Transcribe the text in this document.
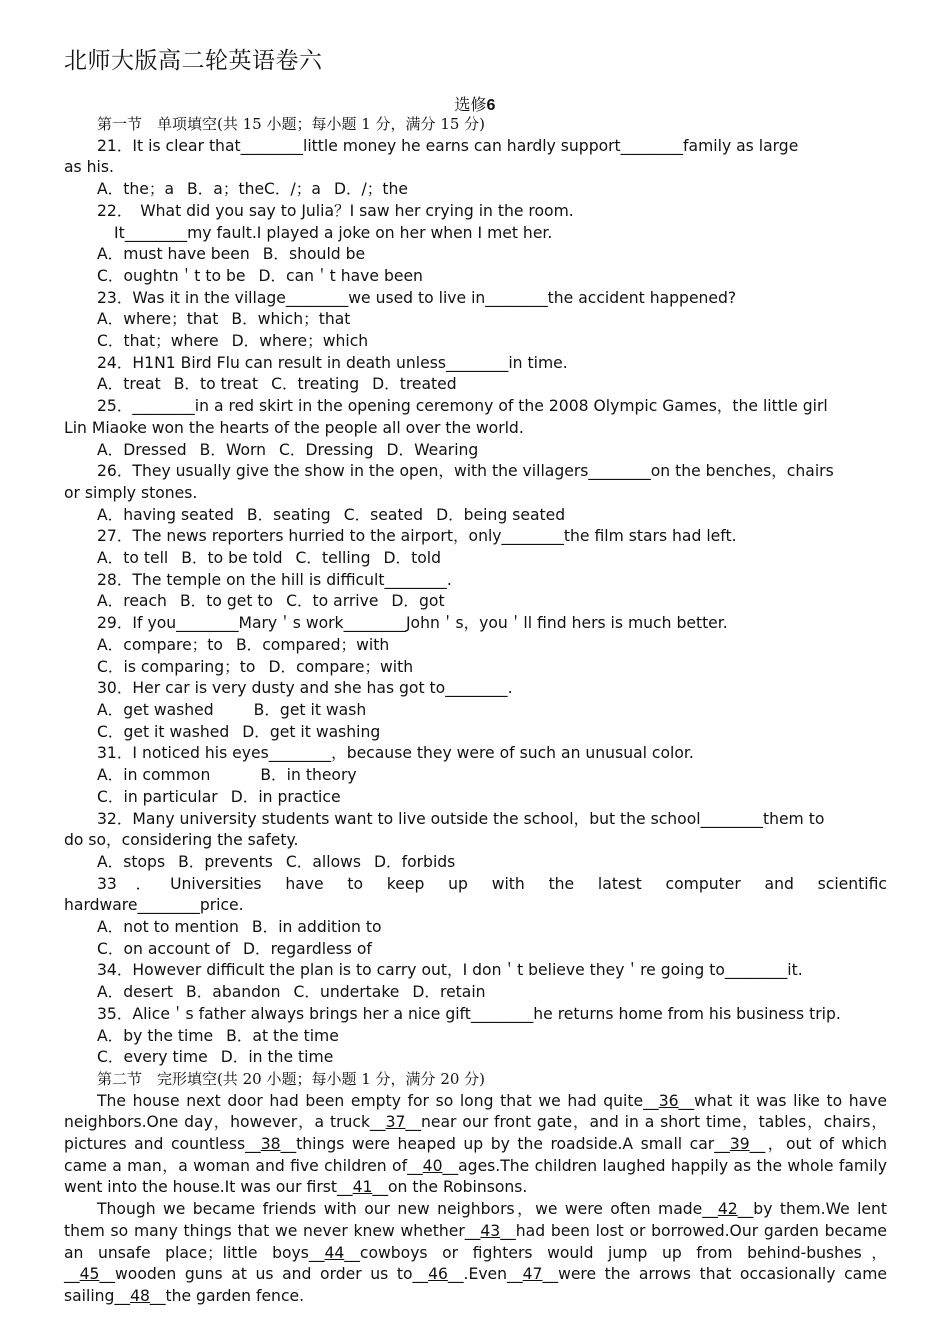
北师大版高二轮英语卷六
选修6
第一节　单项填空(共 15 小题；每小题 1 分，满分 15 分)
21．It is clear that________little money he earns can hardly support________family as large
as his.
A．the；a B．a；theC．/；a D．/；the
22．　What did you say to Julia？I saw her crying in the room.
It________my fault.I played a joke on her when I met her.
A．must have been B．should be
C．oughtn＇t to be D．can＇t have been
23．Was it in the village________we used to live in________the accident happened?
A．where；that B．which；that
C．that；where D．where；which
24．H1N1 Bird Flu can result in death unless________in time.
A．treat B．to treat C．treating D．treated
25．________in a red skirt in the opening ceremony of the 2008 Olympic Games，the little girl
Lin Miaoke won the hearts of the people all over the world.
A．Dressed B．Worn C．Dressing D．Wearing
26．They usually give the show in the open，with the villagers________on the benches，chairs
or simply stones.
A．having seated B．seating C．seated D．being seated
27．The news reporters hurried to the airport，only________the film stars had left.
A．to tell B．to be told C．telling D．told
28．The temple on the hill is difficult________.
A．reach B．to get to C．to arrive D．got
29．If you________Mary＇s work________John＇s，you＇ll find hers is much better.
A．compare；to B．compared；with
C．is comparing；to D．compare；with
30．Her car is very dusty and she has got to________.
A．get washed	B．get it wash
C．get it washed D．get it washing
31．I noticed his eyes________，because they were of such an unusual color.
A．in common	B．in theory
C．in particular D．in practice
32．Many university students want to live outside the school，but the school________them to
do so，considering the safety.
A．stops B．prevents C．allows D．forbids
33．Universities have to keep up with the latest computer and scientific
hardware________price.
A．not to mention B．in addition to
C．on account of D．regardless of
34．However difficult the plan is to carry out，I don＇t believe they＇re going to________it.
A．desert B．abandon C．undertake D．retain
35．Alice＇s father always brings her a nice gift________he returns home from his business trip.
A．by the time B．at the time
C．every time D．in the time
第二节　完形填空(共 20 小题；每小题 1 分，满分 20 分)
The house next door had been empty for so long that we had quite__36__what it was like to have neighbors.One day，however，a truck__37__near our front gate，and in a short time，tables，chairs，pictures and countless__38__things were heaped up by the roadside.A small car__39__，out of which came a man，a woman and five children of__40__ages.The children laughed happily as the whole family went into the house.It was our first__41__on the Robinsons.
Though we became friends with our new neighbors，we were often made__42__by them.We lent them so many things that we never knew whether__43__had been lost or borrowed.Our garden became an unsafe place；little boys__44__cowboys or fighters would jump up from behind-bushes，__45__wooden guns at us and order us to__46__.Even__47__were the arrows that occasionally came sailing__48__the garden fence.
